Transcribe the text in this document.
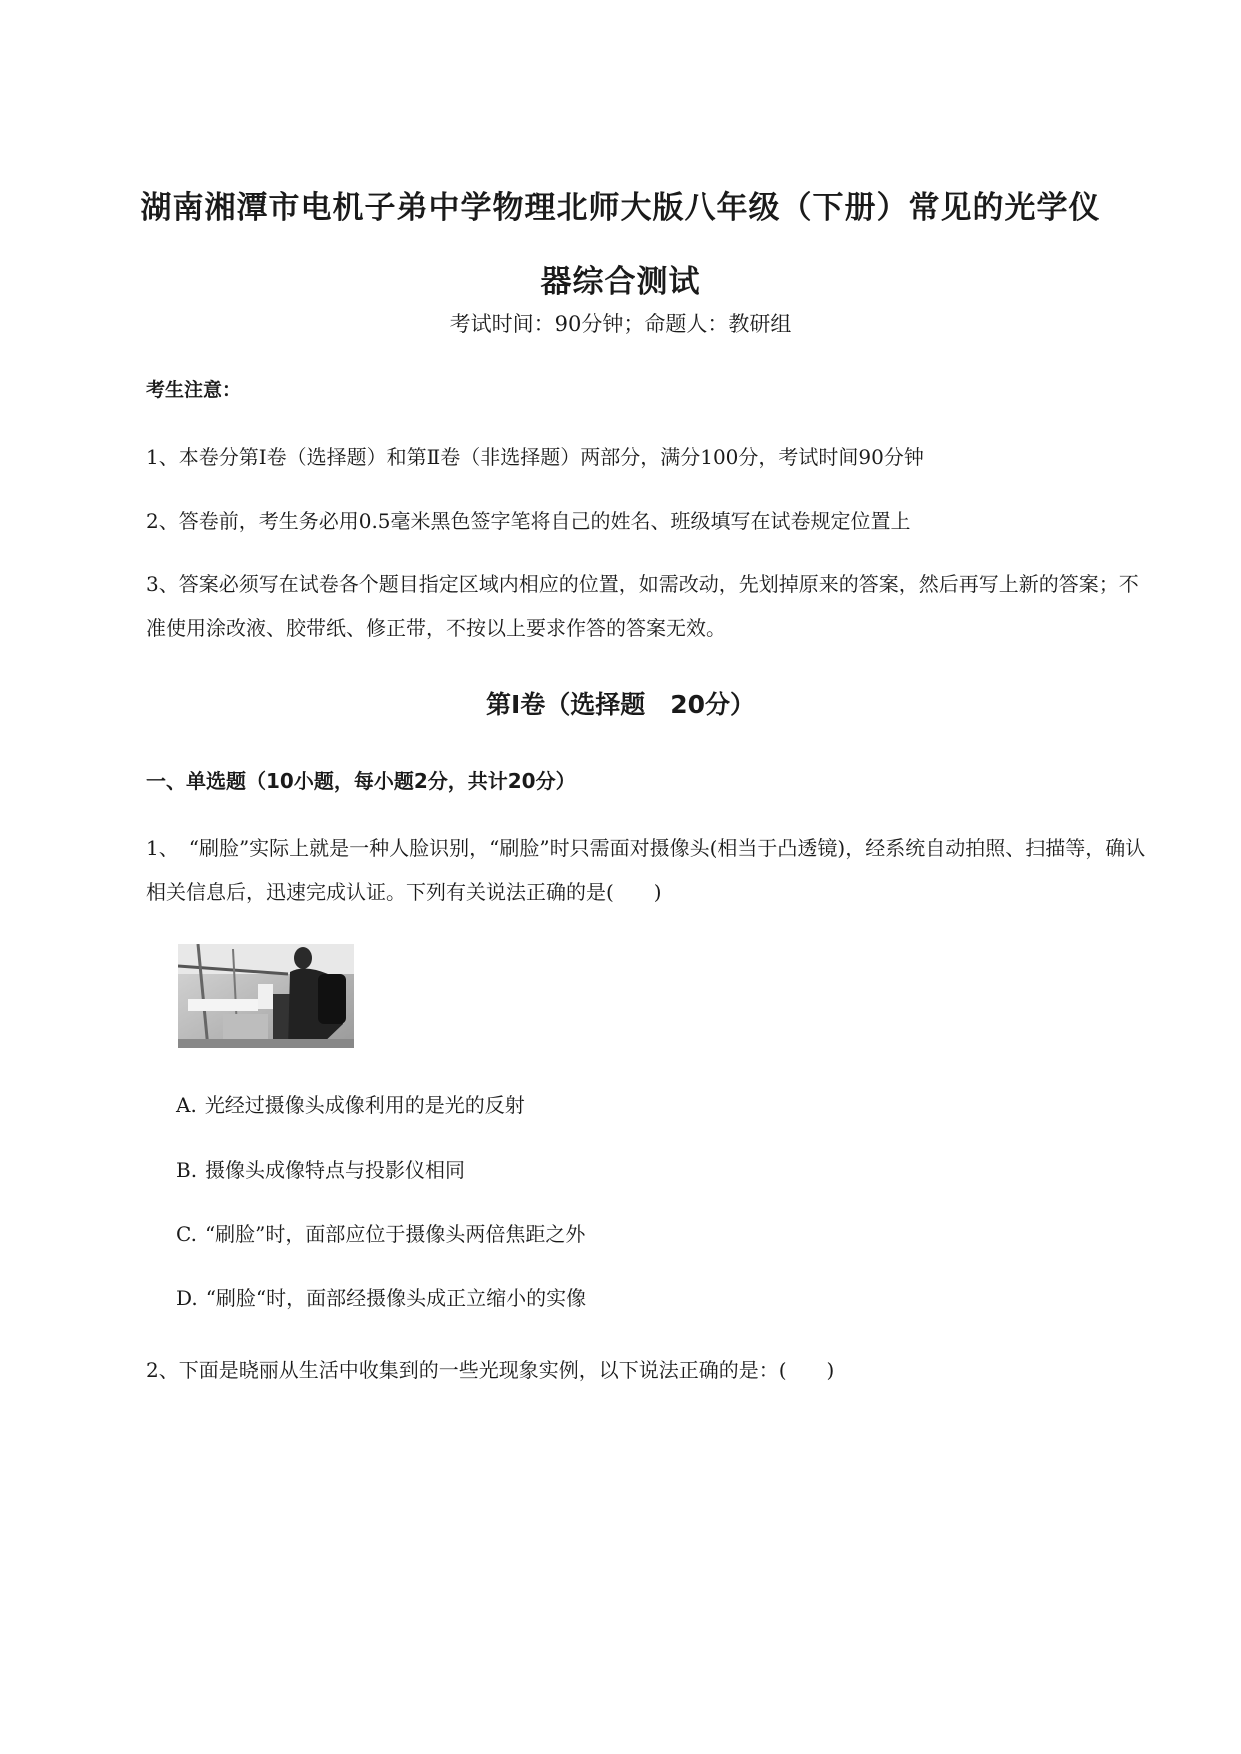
湖南湘潭市电机子弟中学物理北师大版八年级（下册）常见的光学仪器综合测试
考试时间：90分钟；命题人：教研组
考生注意：
1、本卷分第Ⅰ卷（选择题）和第Ⅱ卷（非选择题）两部分，满分100分，考试时间90分钟
2、答卷前，考生务必用0.5毫米黑色签字笔将自己的姓名、班级填写在试卷规定位置上
3、答案必须写在试卷各个题目指定区域内相应的位置，如需改动，先划掉原来的答案，然后再写上新的答案；不准使用涂改液、胶带纸、修正带，不按以上要求作答的答案无效。
第Ⅰ卷（选择题　20分）
一、单选题（10小题，每小题2分，共计20分）
1、　“刷脸”实际上就是一种人脸识别，“刷脸”时只需面对摄像头(相当于凸透镜)，经系统自动拍照、扫描等，确认相关信息后，迅速完成认证。下列有关说法正确的是(　　)
A. 光经过摄像头成像利用的是光的反射
B. 摄像头成像特点与投影仪相同
C. “刷脸”时，面部应位于摄像头两倍焦距之外
D. “刷脸“时，面部经摄像头成正立缩小的实像
2、下面是晓丽从生活中收集到的一些光现象实例，以下说法正确的是：(　　)
